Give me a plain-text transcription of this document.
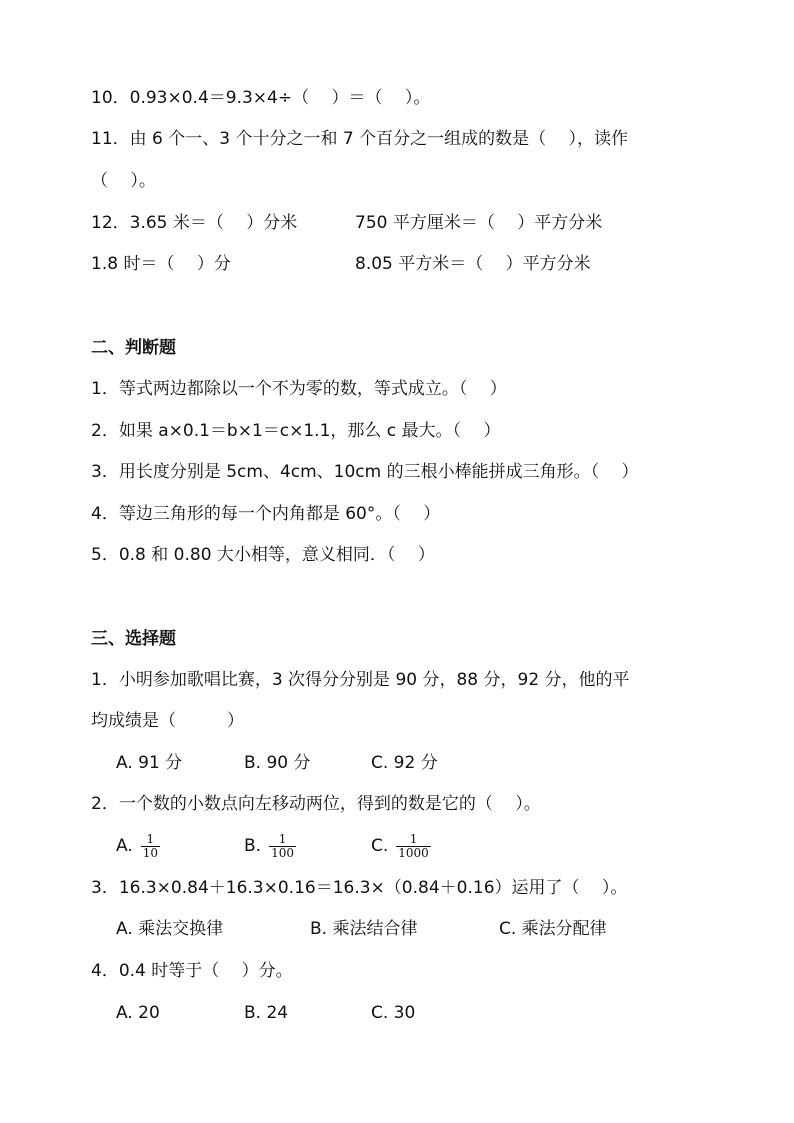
10．0.93×0.4＝9.3×4÷（　 ）＝（　 ）。
11．由 6 个一、3 个十分之一和 7 个百分之一组成的数是（　 ），读作
（　 ）。
12．3.65 米＝（　 ）分米	750 平方厘米＝（　 ）平方分米
1.8 时＝（　 ）分	8.05 平方米＝（　 ）平方分米
二、判断题
1．等式两边都除以一个不为零的数，等式成立。（　 ）
2．如果 a×0.1＝b×1＝c×1.1，那么 c 最大。（　 ）
3．用长度分别是 5cm、4cm、10cm 的三根小棒能拼成三角形。（　 ）
4．等边三角形的每一个内角都是 60°。（　 ）
5．0.8 和 0.80 大小相等，意义相同．（　 ）
三、选择题
1．小明参加歌唱比赛，3 次得分分别是 90 分，88 分，92 分，他的平
均成绩是（　　　）
A. 91 分	B. 90 分	C. 92 分
2．一个数的小数点向左移动两位，得到的数是它的（　 ）。
A. $\frac{1}{10}$	B. $\frac{1}{100}$	C. $\frac{1}{1000}$
3．16.3×0.84＋16.3×0.16＝16.3×（0.84＋0.16）运用了（　 ）。
A. 乘法交换律	B. 乘法结合律	C. 乘法分配律
4．0.4 时等于（　 ）分。
A. 20	B. 24	C. 30
